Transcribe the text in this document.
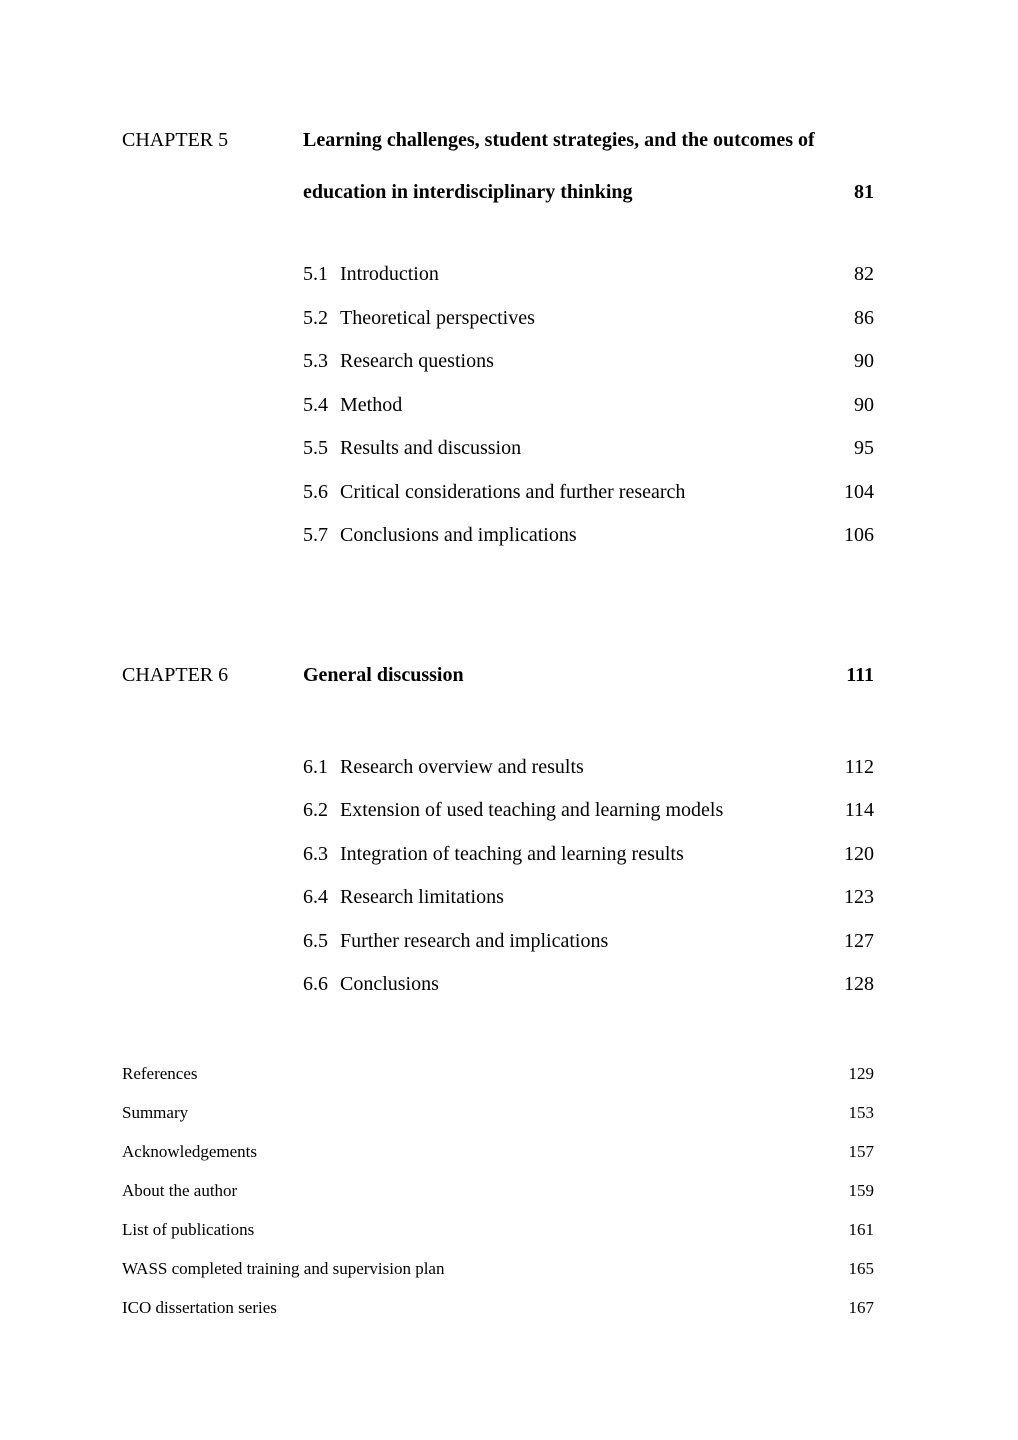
CHAPTER 5	Learning challenges, student strategies, and the outcomes of education in interdisciplinary thinking	81
5.1 Introduction	82
5.2 Theoretical perspectives	86
5.3 Research questions	90
5.4 Method	90
5.5 Results and discussion	95
5.6 Critical considerations and further research	104
5.7 Conclusions and implications	106
CHAPTER 6	General discussion	111
6.1 Research overview and results	112
6.2 Extension of used teaching and learning models	114
6.3 Integration of teaching and learning results	120
6.4 Research limitations	123
6.5 Further research and implications	127
6.6 Conclusions	128
References	129
Summary	153
Acknowledgements	157
About the author	159
List of publications	161
WASS completed training and supervision plan	165
ICO dissertation series	167
